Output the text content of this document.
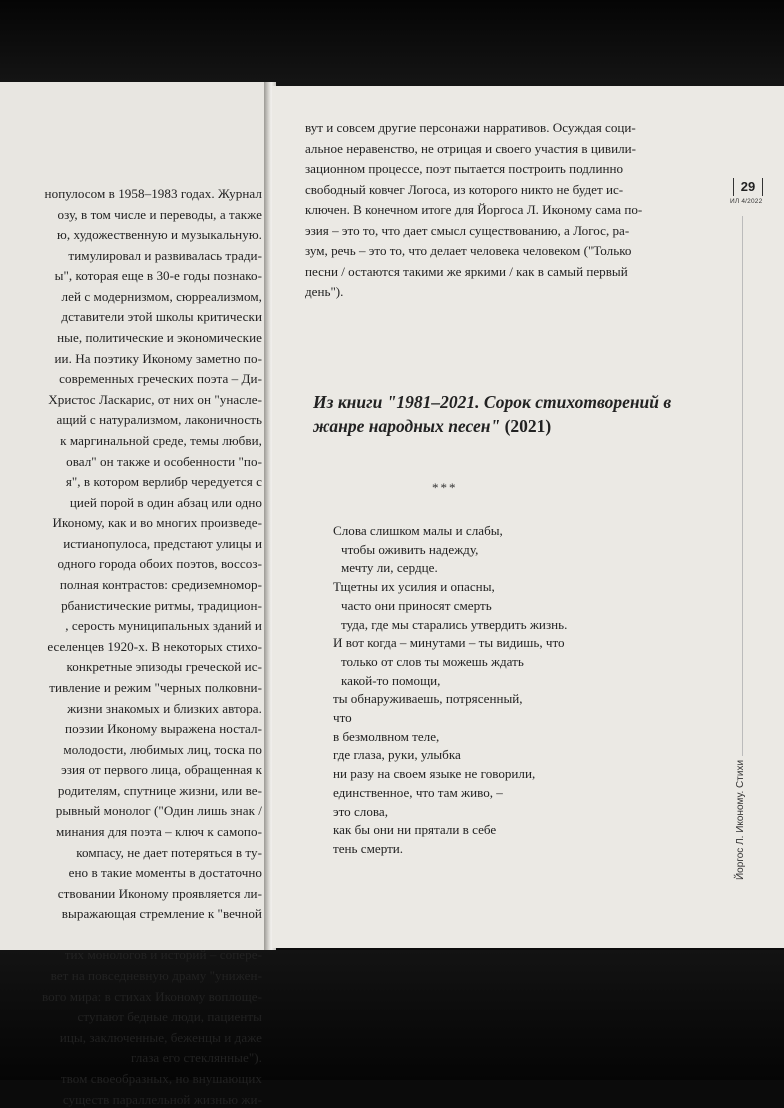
нопулосом в 1958–1983 годах. Журнал
озу, в том числе и переводы, а также
ю, художественную и музыкальную.
тимулировал и развивалась тради-
ы", которая еще в 30-е годы познако-
лей с модернизмом, сюрреализмом,
дставители этой школы критически
ные, политические и экономические
ии. На поэтику Иконому заметно по-
современных греческих поэта – Ди-
Христос Ласкарис, от них он "унасле-
ащий с натурализмом, лаконичность
к маргинальной среде, темы любви,
овал" он также и особенности "по-
я", в котором верлибр чередуется с
цией порой в один абзац или одно
Иконому, как и во многих произведе-
истианопулоса, предстают улицы и
одного города обоих поэтов, воссоз-
полная контрастов: средиземномор-
рбанистические ритмы, традицион-
, серость муниципальных зданий и
еселенцев 1920-х. В некоторых стихо-
конкретные эпизоды греческой ис-
тивление и режим "черных полковни-
жизни знакомых и близких автора.
поэзии Иконому выражена ностал-
молодости, любимых лиц, тоска по
эзия от первого лица, обращенная к
родителям, спутнице жизни, или ве-
рывный монолог ("Один лишь знак /
минания для поэта – ключ к самопо-
компасу, не дает потеряться в ту-
ено в такие моменты в достаточно
ствовании Иконому проявляется ли-
выражающая стремление к "вечной
тих монологов и историй – сопере-
вет на повседневную драму "унижен-
вого мира: в стихах Иконому воплоще-
ступают бедные люди, пациенты
ицы, заключенные, беженцы и даже
глаза его стеклянные").
твом своеобразных, но внушающих
существ параллельной жизнью жи-

вут и совсем другие персонажи нарративов. Осуждая соци-
альное неравенство, не отрицая и своего участия в цивили-
зационном процессе, поэт пытается построить подлинно
свободный ковчег Логоса, из которого никто не будет ис-
ключен. В конечном итоге для Йоргоса Л. Иконому сама по-
эзия – это то, что дает смысл существованию, а Логос, ра-
зум, речь – это то, что делает человека человеком ("Только
песни / остаются такими же яркими / как в самый первый
день").

29
ИЛ 4/2022
Йоргос Л. Иконому. Стихи
Из книги "1981–2021. Сорок стихотворений в жанре народных песен" (2021)
***
Слова слишком малы и слабы,
чтобы оживить надежду,
мечту ли, сердце.
Тщетны их усилия и опасны,
часто они приносят смерть
туда, где мы старались утвердить жизнь.
И вот когда – минутами – ты видишь, что
только от слов ты можешь ждать
какой-то помощи,
ты обнаруживаешь, потрясенный,
что
в безмолвном теле,
где глаза, руки, улыбка
ни разу на своем языке не говорили,
единственное, что там живо, –
это слова,
как бы они ни прятали в себе
тень смерти.
